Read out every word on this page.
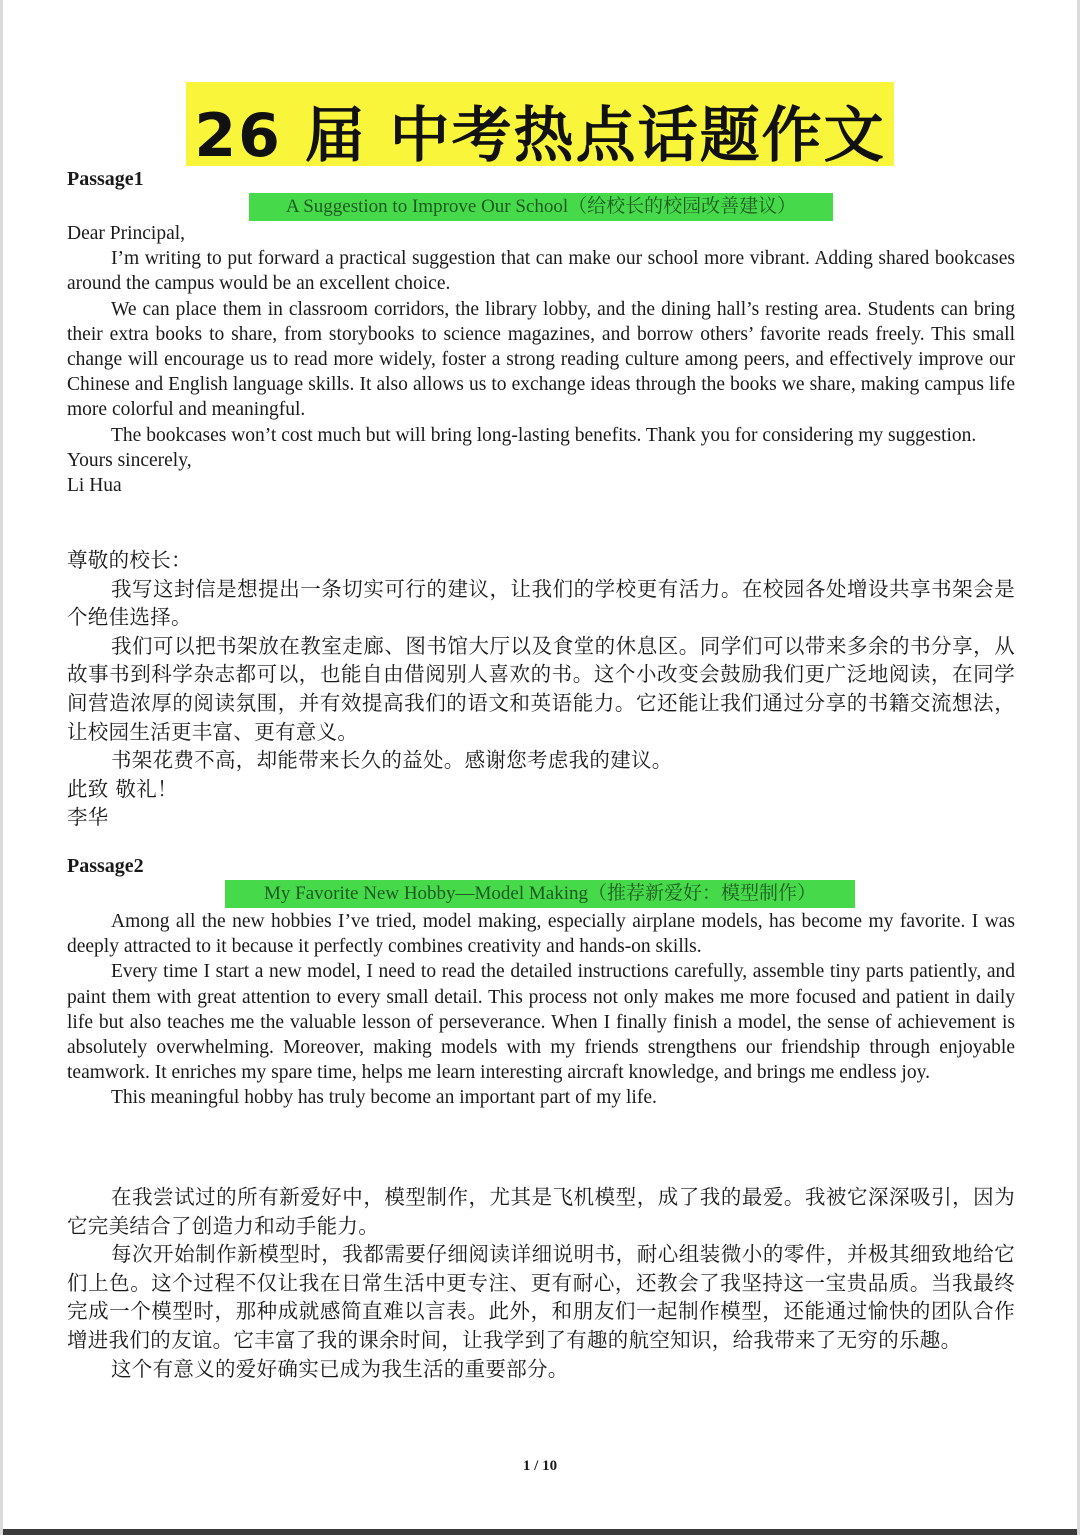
26 届 中考热点话题作文
Passage1
A Suggestion to Improve Our School（给校长的校园改善建议）

Dear Principal,

I’m writing to put forward a practical suggestion that can make our school more vibrant. Adding shared bookcases around the campus would be an excellent choice.

We can place them in classroom corridors, the library lobby, and the dining hall’s resting area. Students can bring their extra books to share, from storybooks to science magazines, and borrow others’ favorite reads freely. This small change will encourage us to read more widely, foster a strong reading culture among peers, and effectively improve our Chinese and English language skills. It also allows us to exchange ideas through the books we share, making campus life more colorful and meaningful.

The bookcases won’t cost much but will bring long-lasting benefits. Thank you for considering my suggestion.

Yours sincerely,

Li Hua

尊敬的校长：

我写这封信是想提出一条切实可行的建议，让我们的学校更有活力。在校园各处增设共享书架会是个绝佳选择。

我们可以把书架放在教室走廊、图书馆大厅以及食堂的休息区。同学们可以带来多余的书分享，从故事书到科学杂志都可以，也能自由借阅别人喜欢的书。这个小改变会鼓励我们更广泛地阅读，在同学间营造浓厚的阅读氛围，并有效提高我们的语文和英语能力。它还能让我们通过分享的书籍交流想法，让校园生活更丰富、更有意义。

书架花费不高，却能带来长久的益处。感谢您考虑我的建议。

此致 敬礼！

李华

Passage2
My Favorite New Hobby—Model Making（推荐新爱好：模型制作）

Among all the new hobbies I’ve tried, model making, especially airplane models, has become my favorite. I was deeply attracted to it because it perfectly combines creativity and hands-on skills.

Every time I start a new model, I need to read the detailed instructions carefully, assemble tiny parts patiently, and paint them with great attention to every small detail. This process not only makes me more focused and patient in daily life but also teaches me the valuable lesson of perseverance. When I finally finish a model, the sense of achievement is absolutely overwhelming. Moreover, making models with my friends strengthens our friendship through enjoyable teamwork. It enriches my spare time, helps me learn interesting aircraft knowledge, and brings me endless joy.

This meaningful hobby has truly become an important part of my life.

在我尝试过的所有新爱好中，模型制作，尤其是飞机模型，成了我的最爱。我被它深深吸引，因为它完美结合了创造力和动手能力。

每次开始制作新模型时，我都需要仔细阅读详细说明书，耐心组装微小的零件，并极其细致地给它们上色。这个过程不仅让我在日常生活中更专注、更有耐心，还教会了我坚持这一宝贵品质。当我最终完成一个模型时，那种成就感简直难以言表。此外，和朋友们一起制作模型，还能通过愉快的团队合作增进我们的友谊。它丰富了我的课余时间，让我学到了有趣的航空知识，给我带来了无穷的乐趣。

这个有意义的爱好确实已成为我生活的重要部分。

1 / 10
